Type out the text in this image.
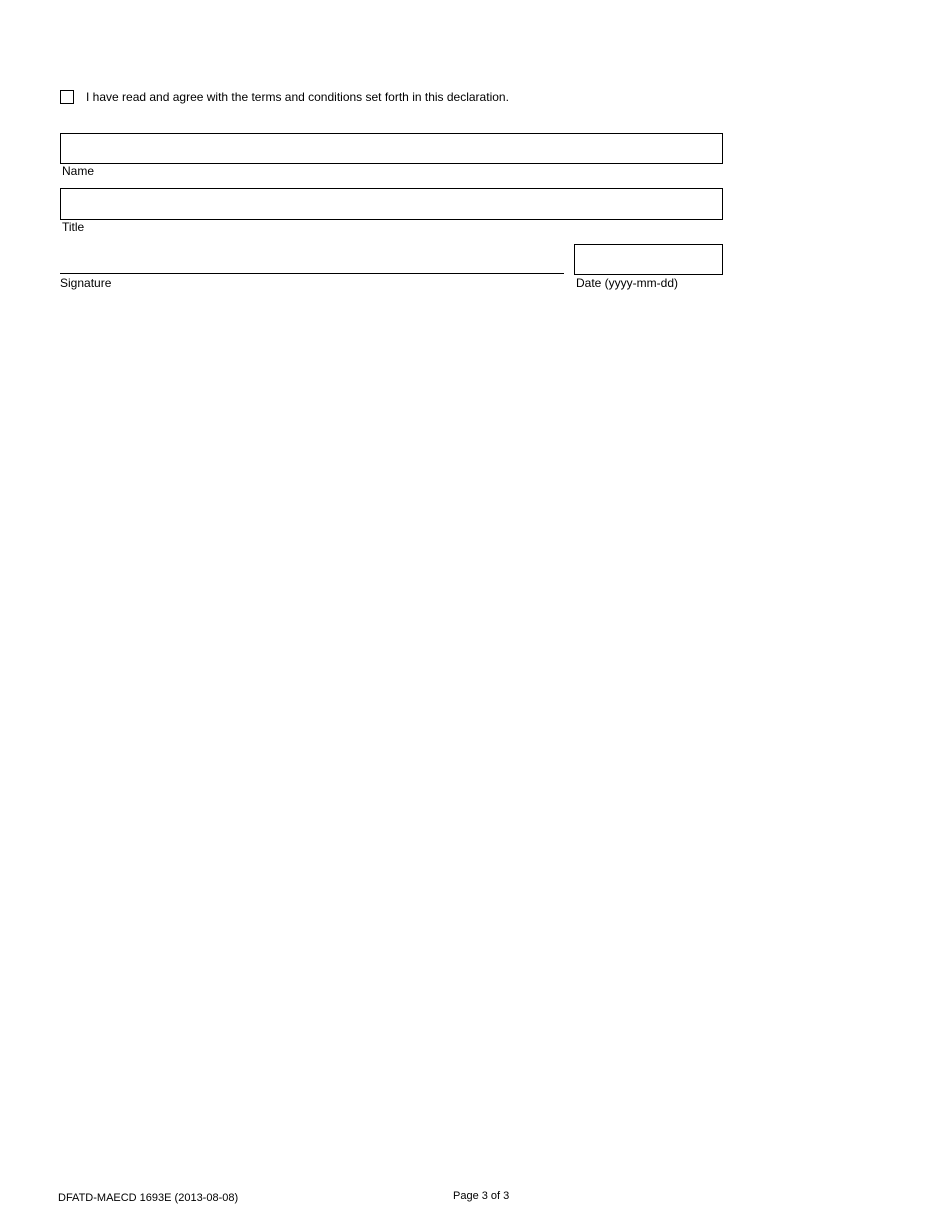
I have read and agree with the terms and conditions set forth in this declaration.
Name
Title
Signature	Date (yyyy-mm-dd)
DFATD-MAECD 1693E (2013-08-08)	Page 3 of 3
